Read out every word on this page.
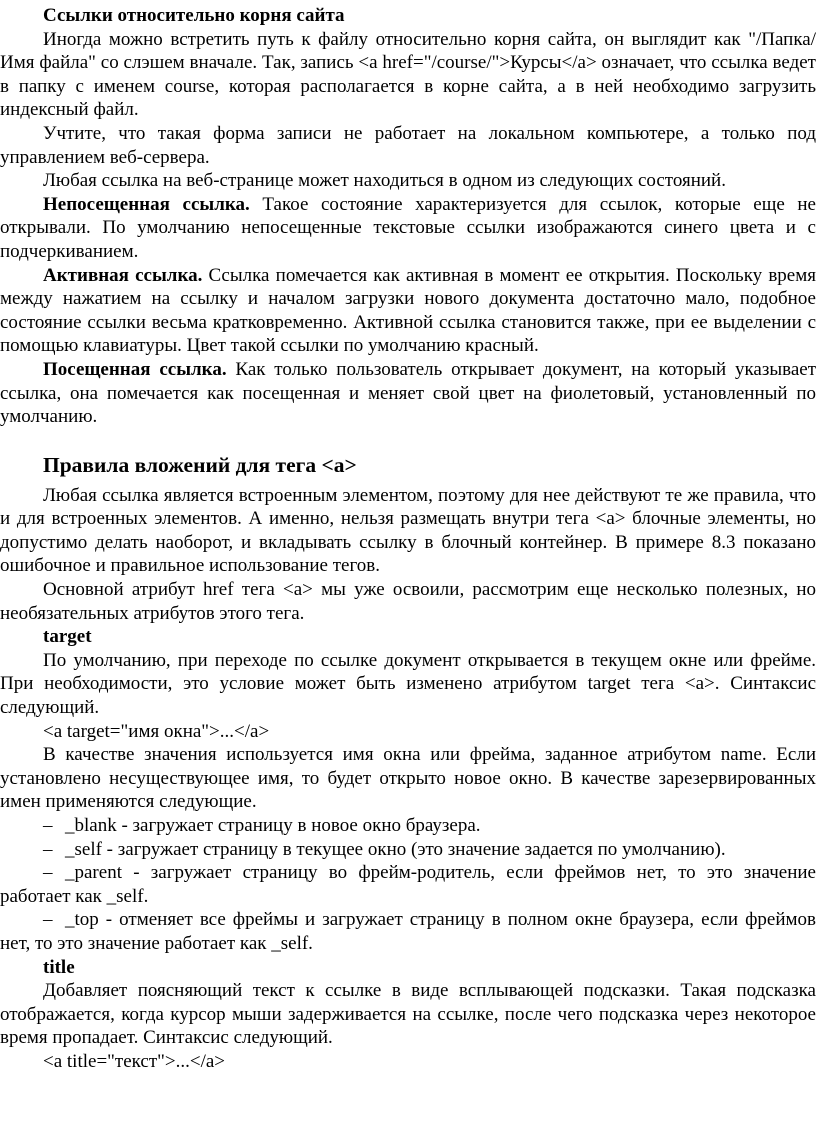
Ссылки относительно корня сайта

Иногда можно встретить путь к файлу относительно корня сайта, он выглядит как "/Папка/Имя файла" со слэшем вначале. Так, запись <a href="/course/">Курсы</a> означает, что ссылка ведет в папку с именем course, которая располагается в корне сайта, а в ней необходимо загрузить индексный файл.

Учтите, что такая форма записи не работает на локальном компьютере, а только под управлением веб-сервера.

Любая ссылка на веб-странице может находиться в одном из следующих состояний.

Непосещенная ссылка. Такое состояние характеризуется для ссылок, которые еще не открывали. По умолчанию непосещенные текстовые ссылки изображаются синего цвета и с подчеркиванием.

Активная ссылка. Ссылка помечается как активная в момент ее открытия. Поскольку время между нажатием на ссылку и началом загрузки нового документа достаточно мало, подобное состояние ссылки весьма кратковременно. Активной ссылка становится также, при ее выделении с помощью клавиатуры. Цвет такой ссылки по умолчанию красный.

Посещенная ссылка. Как только пользователь открывает документ, на который указывает ссылка, она помечается как посещенная и меняет свой цвет на фиолетовый, установленный по умолчанию.

Правила вложений для тега <a>

Любая ссылка является встроенным элементом, поэтому для нее действуют те же правила, что и для встроенных элементов. А именно, нельзя размещать внутри тега <a> блочные элементы, но допустимо делать наоборот, и вкладывать ссылку в блочный контейнер. В примере 8.3 показано ошибочное и правильное использование тегов.

Основной атрибут href тега <a> мы уже освоили, рассмотрим еще несколько полезных, но необязательных атрибутов этого тега.

target

По умолчанию, при переходе по ссылке документ открывается в текущем окне или фрейме. При необходимости, это условие может быть изменено атрибутом target тега <a>. Синтаксис следующий.

<a target="имя окна">...</a>

В качестве значения используется имя окна или фрейма, заданное атрибутом name. Если установлено несуществующее имя, то будет открыто новое окно. В качестве зарезервированных имен применяются следующие.

– _blank - загружает страницу в новое окно браузера.

– _self - загружает страницу в текущее окно (это значение задается по умолчанию).

– _parent - загружает страницу во фрейм-родитель, если фреймов нет, то это значение работает как _self.

– _top - отменяет все фреймы и загружает страницу в полном окне браузера, если фреймов нет, то это значение работает как _self.

title

Добавляет поясняющий текст к ссылке в виде всплывающей подсказки. Такая подсказка отображается, когда курсор мыши задерживается на ссылке, после чего подсказка через некоторое время пропадает. Синтаксис следующий.

<a title="текст">...</a>
